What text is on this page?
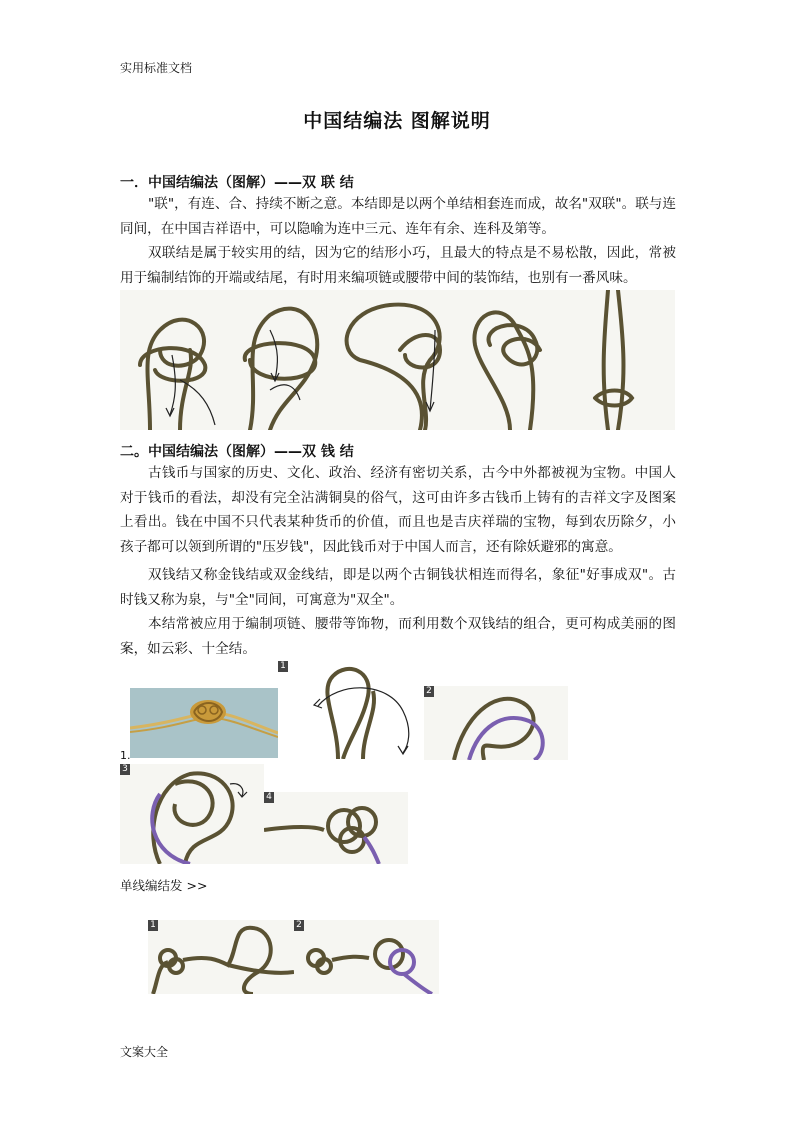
实用标准文档
中国结编法 图解说明
一．中国结编法（图解）——双 联 结

"联"，有连、合、持续不断之意。本结即是以两个单结相套连而成，故名"双联"。联与连同间，在中国吉祥语中，可以隐喻为连中三元、连年有余、连科及第等。

双联结是属于较实用的结，因为它的结形小巧，且最大的特点是不易松散，因此，常被用于编制结饰的开端或结尾，有时用来编项链或腰带中间的装饰结，也别有一番风味。

二。中国结编法（图解）——双 钱 结

古钱币与国家的历史、文化、政治、经济有密切关系，古今中外都被视为宝物。中国人对于钱币的看法，却没有完全沾满铜臭的俗气，这可由许多古钱币上铸有的吉祥文字及图案上看出。钱在中国不只代表某种货币的价值，而且也是吉庆祥瑞的宝物，每到农历除夕，小孩子都可以领到所谓的"压岁钱"，因此钱币对于中国人而言，还有除妖避邪的寓意。

双钱结又称金钱结或双金线结，即是以两个古铜钱状相连而得名，象征"好事成双"。古时钱又称为泉，与"全"同间，可寓意为"双全"。

本结常被应用于编制项链、腰带等饰物，而利用数个双钱结的组合，更可构成美丽的图案，如云彩、十全结。

1
2
1.
3
4
单线编结发 >>
1	2
文案大全
